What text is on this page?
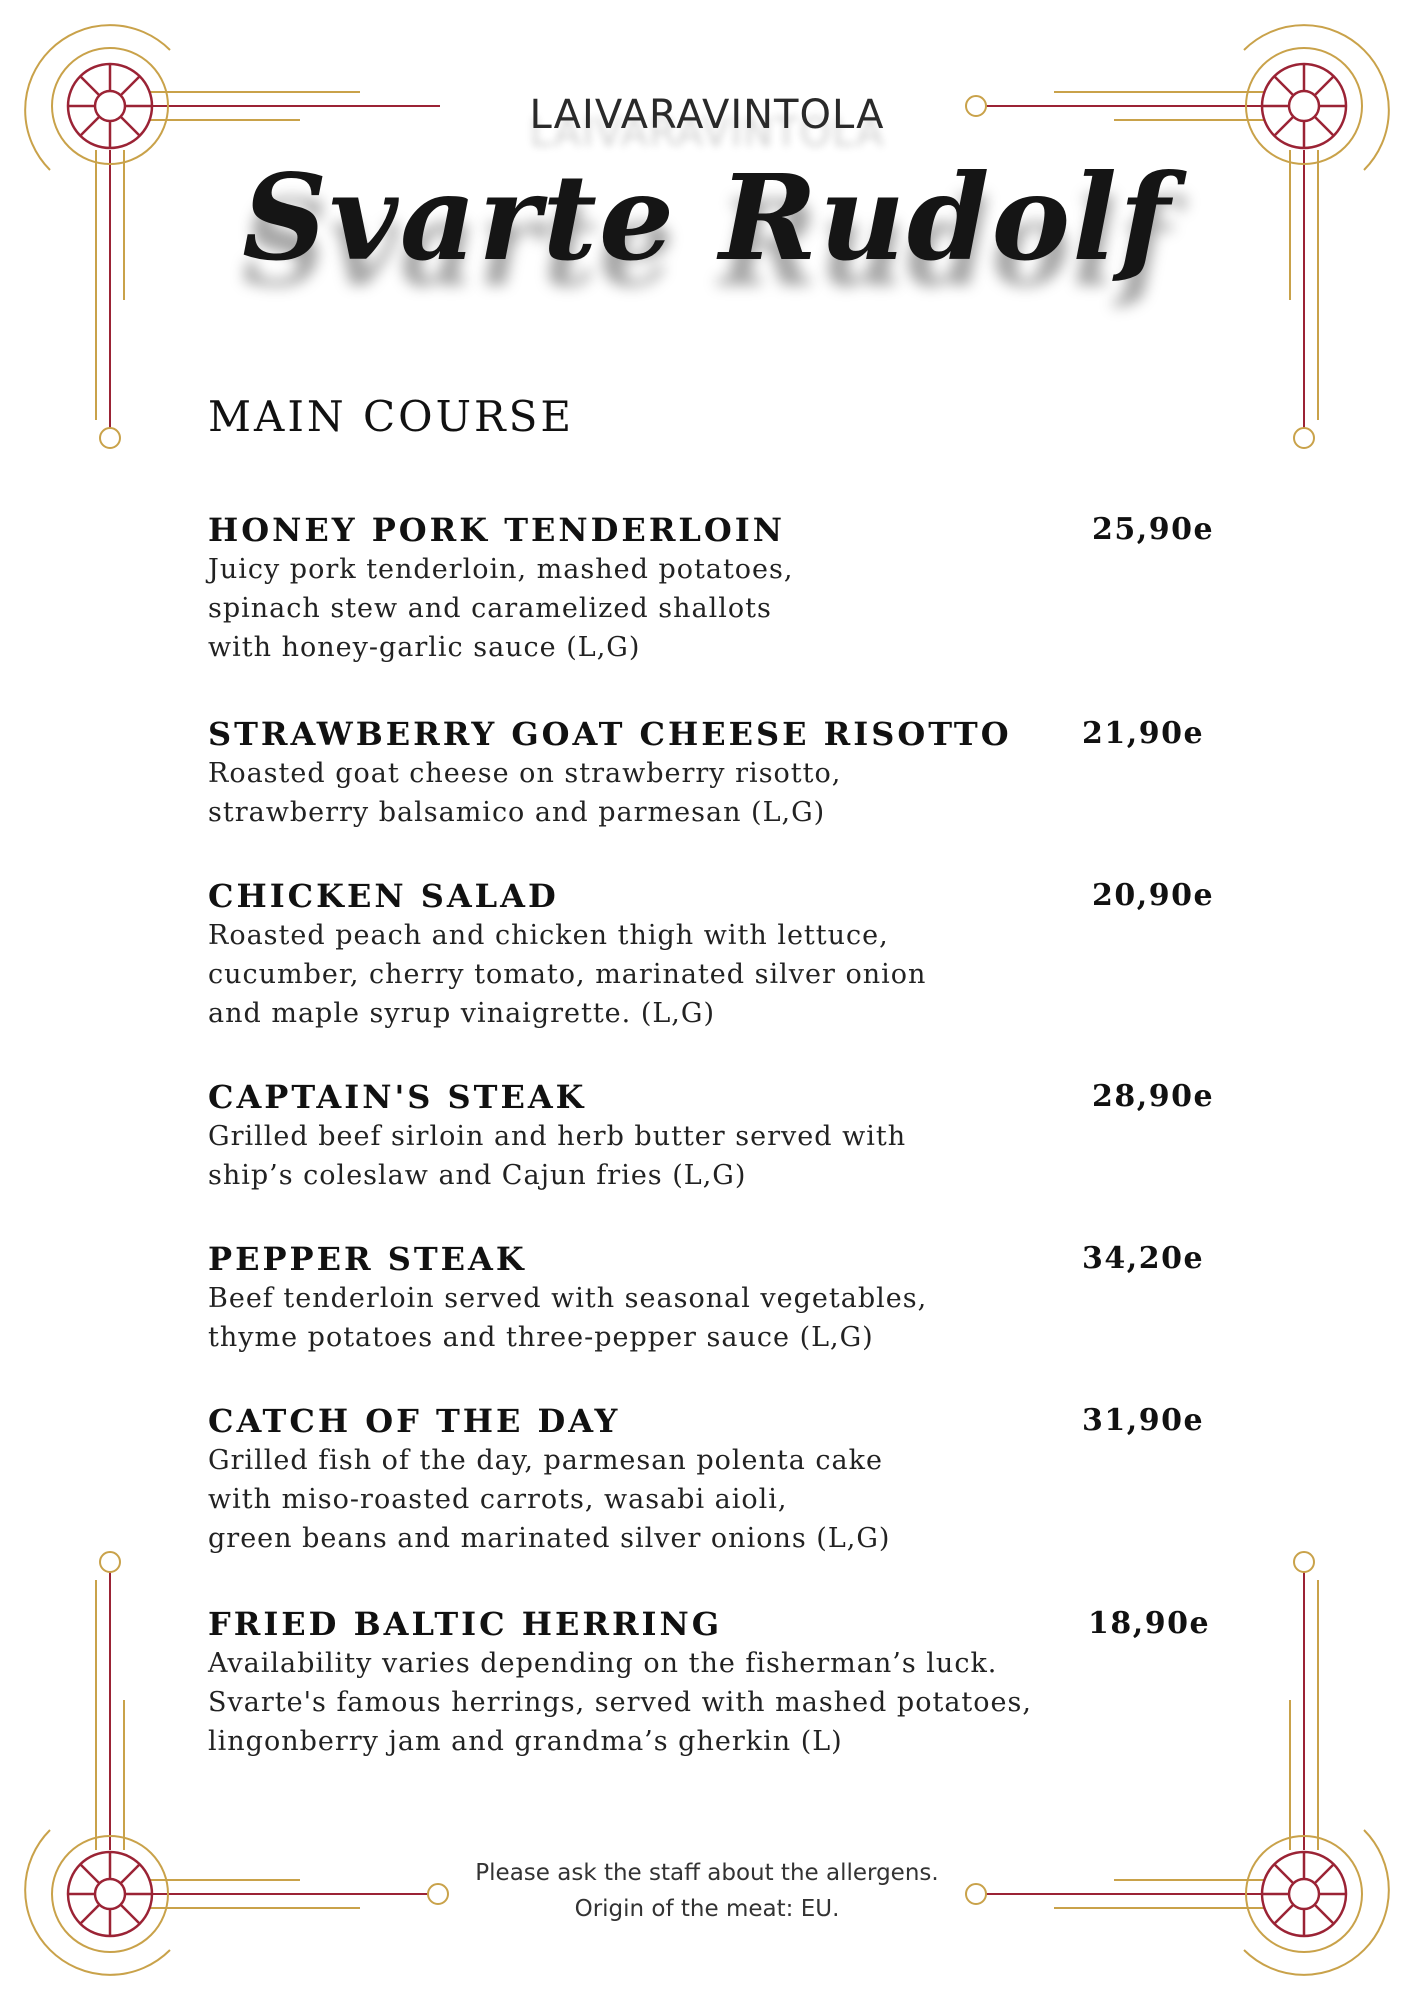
LAIVARAVINTOLA
Svarte Rudolf
MAIN COURSE
HONEY PORK TENDERLOIN	25,90e
Juicy pork tenderloin, mashed potatoes,
spinach stew and caramelized shallots
with honey-garlic sauce (L,G)
STRAWBERRY GOAT CHEESE RISOTTO	21,90e
Roasted goat cheese on strawberry risotto,
strawberry balsamico and parmesan (L,G)
CHICKEN SALAD	20,90e
Roasted peach and chicken thigh with lettuce,
cucumber, cherry tomato, marinated silver onion
and maple syrup vinaigrette. (L,G)
CAPTAIN'S STEAK	28,90e
Grilled beef sirloin and herb butter served with
ship’s coleslaw and Cajun fries (L,G)
PEPPER STEAK	34,20e
Beef tenderloin served with seasonal vegetables,
thyme potatoes and three-pepper sauce (L,G)
CATCH OF THE DAY	31,90e
Grilled fish of the day, parmesan polenta cake
with miso-roasted carrots, wasabi aioli,
green beans and marinated silver onions (L,G)
FRIED BALTIC HERRING	18,90e
Availability varies depending on the fisherman’s luck.
Svarte's famous herrings, served with mashed potatoes,
lingonberry jam and grandma’s gherkin (L)
Please ask the staff about the allergens.
Origin of the meat: EU.
